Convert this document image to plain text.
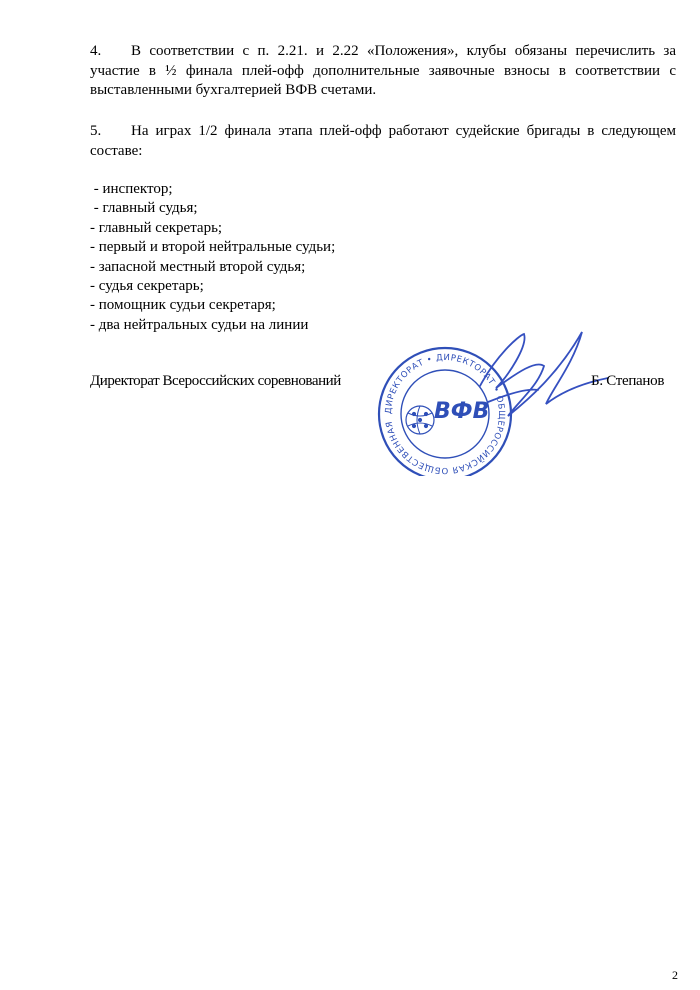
4. В соответствии с п. 2.21. и 2.22 «Положения», клубы обязаны перечислить за участие в ½ финала плей-офф дополнительные заявочные взносы в соответствии с выставленными бухгалтерией ВФВ счетами.
5. На играх 1/2 финала этапа плей-офф работают судейские бригады в следующем составе:
- инспектор;
- главный судья;
- главный секретарь;
- первый и второй нейтральные судьи;
- запасной местный второй судья;
- судья секретарь;
- помощник судьи секретаря;
- два нейтральных судьи на линии
Директорат Всероссийских соревнований
ДИРЕКТОРАТ • ДИРЕКТОРАТ • ОБЩЕРОССИЙСКАЯ ОБЩЕСТВЕННАЯ
ВФВ
Б. Степанов
2
